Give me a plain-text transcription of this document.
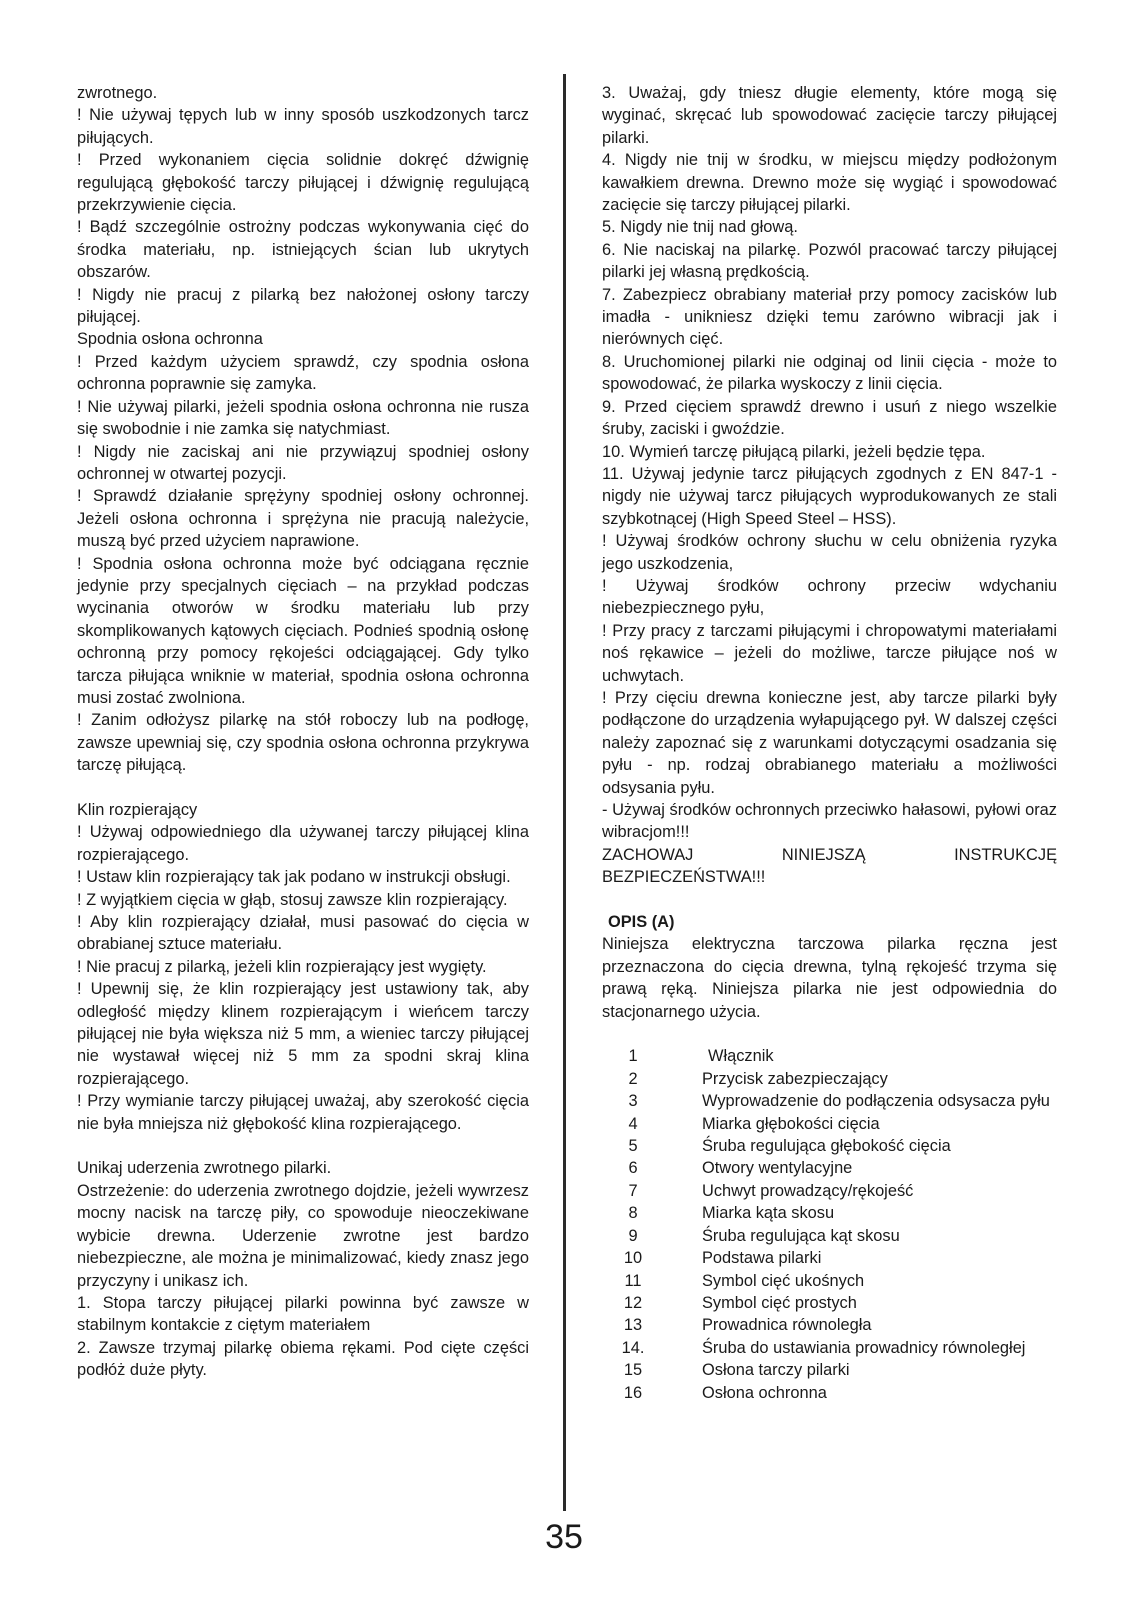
zwrotnego.

! Nie używaj tępych lub w inny sposób uszkodzonych tarcz piłujących.

! Przed wykonaniem cięcia solidnie dokręć dźwignię regulującą głębokość tarczy piłującej i dźwignię regulującą przekrzywienie cięcia.

! Bądź szczególnie ostrożny podczas wykonywania cięć do środka materiału, np. istniejących ścian lub ukrytych obszarów.

! Nigdy nie pracuj z pilarką bez nałożonej osłony tarczy piłującej.

Spodnia osłona ochronna

! Przed każdym użyciem sprawdź, czy spodnia osłona ochronna poprawnie się zamyka.

! Nie używaj pilarki, jeżeli spodnia osłona ochronna nie rusza się swobodnie i nie zamka się natychmiast.

! Nigdy nie zaciskaj ani nie przywiązuj spodniej osłony ochronnej w otwartej pozycji.

! Sprawdź działanie sprężyny spodniej osłony ochronnej. Jeżeli osłona ochronna i sprężyna nie pracują należycie, muszą być przed użyciem naprawione.

! Spodnia osłona ochronna może być odciągana ręcznie jedynie przy specjalnych cięciach – na przykład podczas wycinania otworów w środku materiału lub przy skomplikowanych kątowych cięciach. Podnieś spodnią osłonę ochronną przy pomocy rękojeści odciągającej. Gdy tylko tarcza piłująca wniknie w materiał, spodnia osłona ochronna musi zostać zwolniona.

! Zanim odłożysz pilarkę na stół roboczy lub na podłogę, zawsze upewniaj się, czy spodnia osłona ochronna przykrywa tarczę piłującą.

Klin rozpierający

! Używaj odpowiedniego dla używanej tarczy piłującej klina rozpierającego.

! Ustaw klin rozpierający tak jak podano w instrukcji obsługi.

! Z wyjątkiem cięcia w głąb, stosuj zawsze klin rozpierający.

! Aby klin rozpierający działał, musi pasować do cięcia w obrabianej sztuce materiału.

! Nie pracuj z pilarką, jeżeli klin rozpierający jest wygięty.

! Upewnij się, że klin rozpierający jest ustawiony tak, aby odległość między klinem rozpierającym i wieńcem tarczy piłującej nie była większa niż 5 mm, a wieniec tarczy piłującej nie wystawał więcej niż 5 mm za spodni skraj klina rozpierającego.

! Przy wymianie tarczy piłującej uważaj, aby szerokość cięcia nie była mniejsza niż głębokość klina rozpierającego.

Unikaj uderzenia zwrotnego pilarki.

Ostrzeżenie: do uderzenia zwrotnego dojdzie, jeżeli wywrzesz mocny nacisk na tarczę piły, co spowoduje nieoczekiwane wybicie drewna. Uderzenie zwrotne jest bardzo niebezpieczne, ale można je minimalizować, kiedy znasz jego przyczyny i unikasz ich.

1. Stopa tarczy piłującej pilarki powinna być zawsze w stabilnym kontakcie z ciętym materiałem

2. Zawsze trzymaj pilarkę obiema rękami. Pod cięte części podłóż duże płyty.

3. Uważaj, gdy tniesz długie elementy, które mogą się wyginać, skręcać lub spowodować zacięcie tarczy piłującej pilarki.

4. Nigdy nie tnij w środku, w miejscu między podłożonym kawałkiem drewna. Drewno może się wygiąć i spowodować zacięcie się tarczy piłującej pilarki.

5. Nigdy nie tnij nad głową.

6. Nie naciskaj na pilarkę. Pozwól pracować tarczy piłującej pilarki jej własną prędkością.

7. Zabezpiecz obrabiany materiał przy pomocy zacisków lub imadła - unikniesz dzięki temu zarówno wibracji jak i nierównych cięć.

8. Uruchomionej pilarki nie odginaj od linii cięcia - może to spowodować, że pilarka wyskoczy z linii cięcia.

9. Przed cięciem sprawdź drewno i usuń z niego wszelkie śruby, zaciski i gwoździe.

10. Wymień tarczę piłującą pilarki, jeżeli będzie tępa.

11. Używaj jedynie tarcz piłujących zgodnych z EN 847-1 - nigdy nie używaj tarcz piłujących wyprodukowanych ze stali szybkotnącej (High Speed Steel – HSS).

! Używaj środków ochrony słuchu w celu obniżenia ryzyka jego uszkodzenia,

! Używaj środków ochrony przeciw wdychaniu niebezpiecznego pyłu,

! Przy pracy z tarczami piłującymi i chropowatymi materiałami noś rękawice – jeżeli do możliwe, tarcze piłujące noś w uchwytach.

! Przy cięciu drewna konieczne jest, aby tarcze pilarki były podłączone do urządzenia wyłapującego pył. W dalszej części należy zapoznać się z warunkami dotyczącymi osadzania się pyłu - np. rodzaj obrabianego materiału a możliwości odsysania pyłu.

- Używaj środków ochronnych przeciwko hałasowi, pyłowi oraz wibracjom!!!

ZACHOWAJ NINIEJSZĄ INSTRUKCJĘ BEZPIECZEŃSTWA!!!

OPIS (A)

Niniejsza elektryczna tarczowa pilarka ręczna jest przeznaczona do cięcia drewna, tylną rękojeść trzyma się prawą ręką. Niniejsza pilarka nie jest odpowiednia do stacjonarnego użycia.

1	Włącznik
2	Przycisk zabezpieczający
3	Wyprowadzenie do podłączenia odsysacza pyłu
4	Miarka głębokości cięcia
5	Śruba regulująca głębokość cięcia
6	Otwory wentylacyjne
7	Uchwyt prowadzący/rękojeść
8	Miarka kąta skosu
9	Śruba regulująca kąt skosu
10	Podstawa pilarki
11	Symbol cięć ukośnych
12	Symbol cięć prostych
13	Prowadnica równoległa
14.	Śruba do ustawiania prowadnicy równoległej
15	Osłona tarczy pilarki
16	Osłona ochronna
35
